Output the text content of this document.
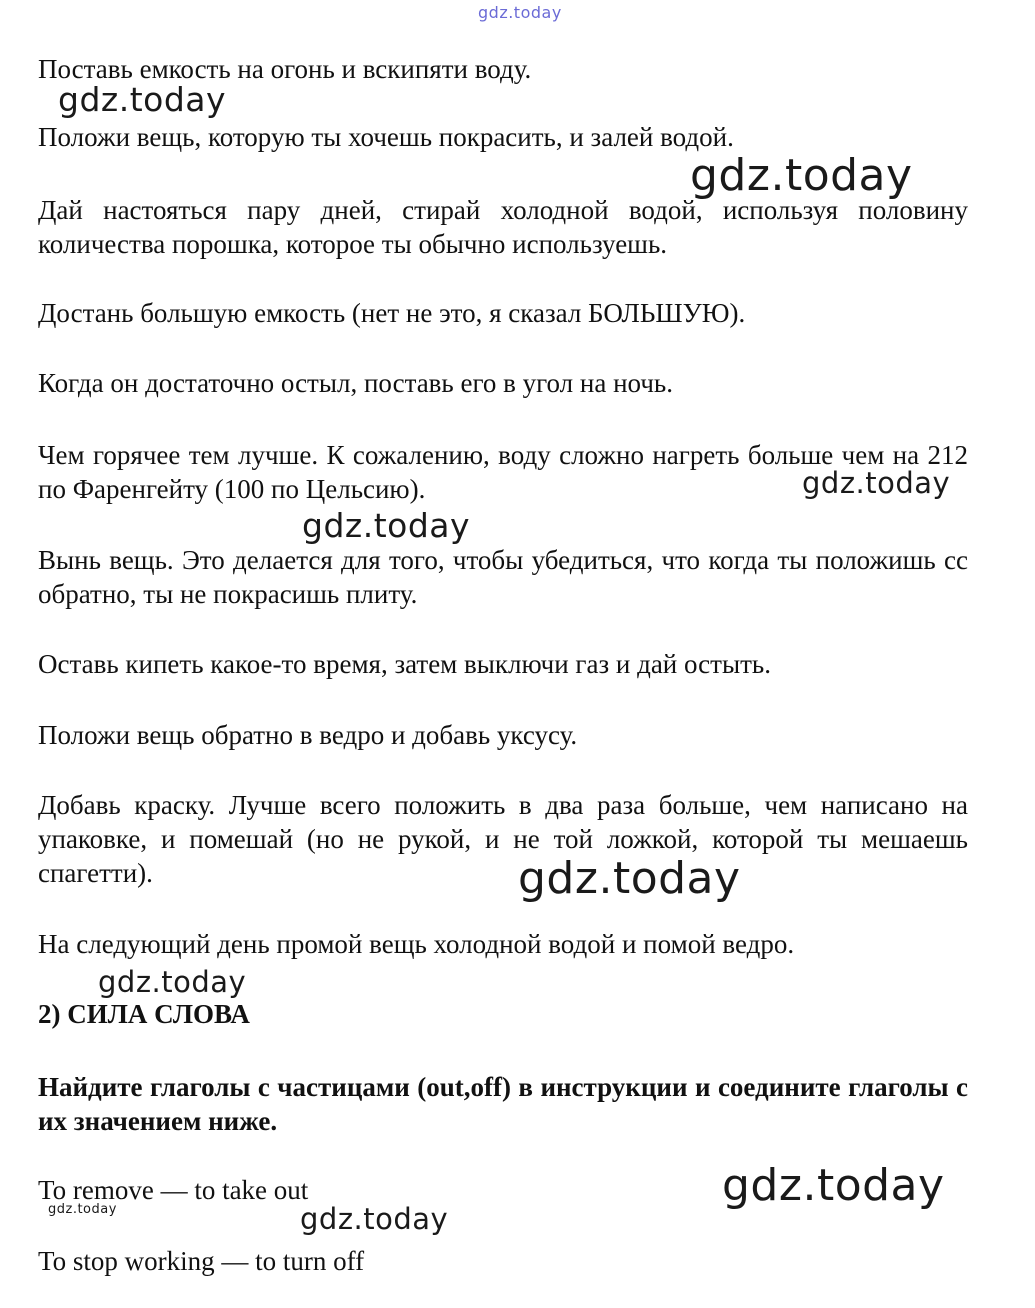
gdz.today

Поставь емкость на огонь и вскипяти воду.

gdz.today

Положи вещь, которую ты хочешь покрасить, и залей водой.

gdz.today

Дай настояться пару дней, стирай холодной водой, используя половину количества порошка, которое ты обычно используешь.

Достань большую емкость (нет не это, я сказал БОЛЬШУЮ).

Когда он достаточно остыл, поставь его в угол на ночь.

Чем горячее тем лучше. К сожалению, воду сложно нагреть больше чем на 212 по Фаренгейту (100 по Цельсию).	gdz.today
gdz.today

Вынь вещь. Это делается для того, чтобы убедиться, что когда ты положишь сс обратно, ты не покрасишь плиту.

Оставь кипеть какое-то время, затем выключи газ и дай остыть.

Положи вещь обратно в ведро и добавь уксусу.

Добавь краску. Лучше всего положить в два раза больше, чем написано на упаковке, и помешай (но не рукой, и не той ложкой, которой ты мешаешь спагетти).	gdz.today

На следующий день промой вещь холодной водой и помой ведро.

gdz.today

2) СИЛА СЛОВА

Найдите глаголы с частицами (out,off) в инструкции и соедините глаголы с их значением ниже.

To remove — to take out	gdz.today
gdz.today	gdz.today

To stop working — to turn off
